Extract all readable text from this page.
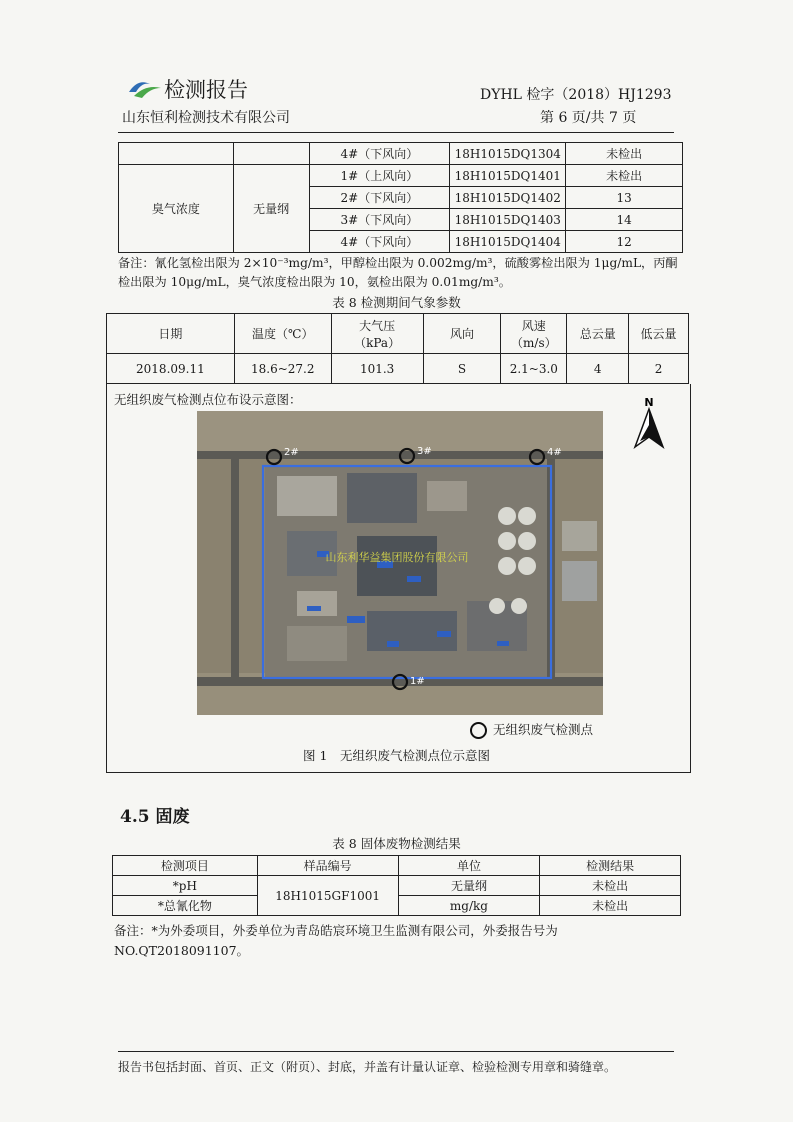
检测报告
山东恒利检测技术有限公司
DYHL 检字（2018）HJ1293
第 6 页/共 7 页
		4#（下风向）	18H1015DQ1304	未检出
臭气浓度	无量纲	1#（上风向）	18H1015DQ1401	未检出
		2#（下风向）	18H1015DQ1402	13
		3#（下风向）	18H1015DQ1403	14
		4#（下风向）	18H1015DQ1404	12
备注：氰化氢检出限为 2×10⁻³mg/m³，甲醇检出限为 0.002mg/m³，硫酸雾检出限为 1μg/mL，丙酮检出限为 10μg/mL，臭气浓度检出限为 10，氨检出限为 0.01mg/m³。
表 8 检测期间气象参数
日期	温度（℃）	大气压（kPa）	风向	风速（m/s）	总云量	低云量
2018.09.11	18.6~27.2	101.3	S	2.1~3.0	4	2
无组织废气检测点位布设示意图：	N
山东利华益集团股份有限公司
2#	3#	4#
1#
无组织废气检测点
图 1　无组织废气检测点位示意图
4.5 固废
表 8 固体废物检测结果
检测项目	样品编号	单位	检测结果
*pH	18H1015GF1001	无量纲	未检出
*总氰化物		mg/kg	未检出
备注：*为外委项目，外委单位为青岛皓宸环境卫生监测有限公司，外委报告号为 NO.QT2018091107。
报告书包括封面、首页、正文（附页）、封底，并盖有计量认证章、检验检测专用章和骑缝章。
